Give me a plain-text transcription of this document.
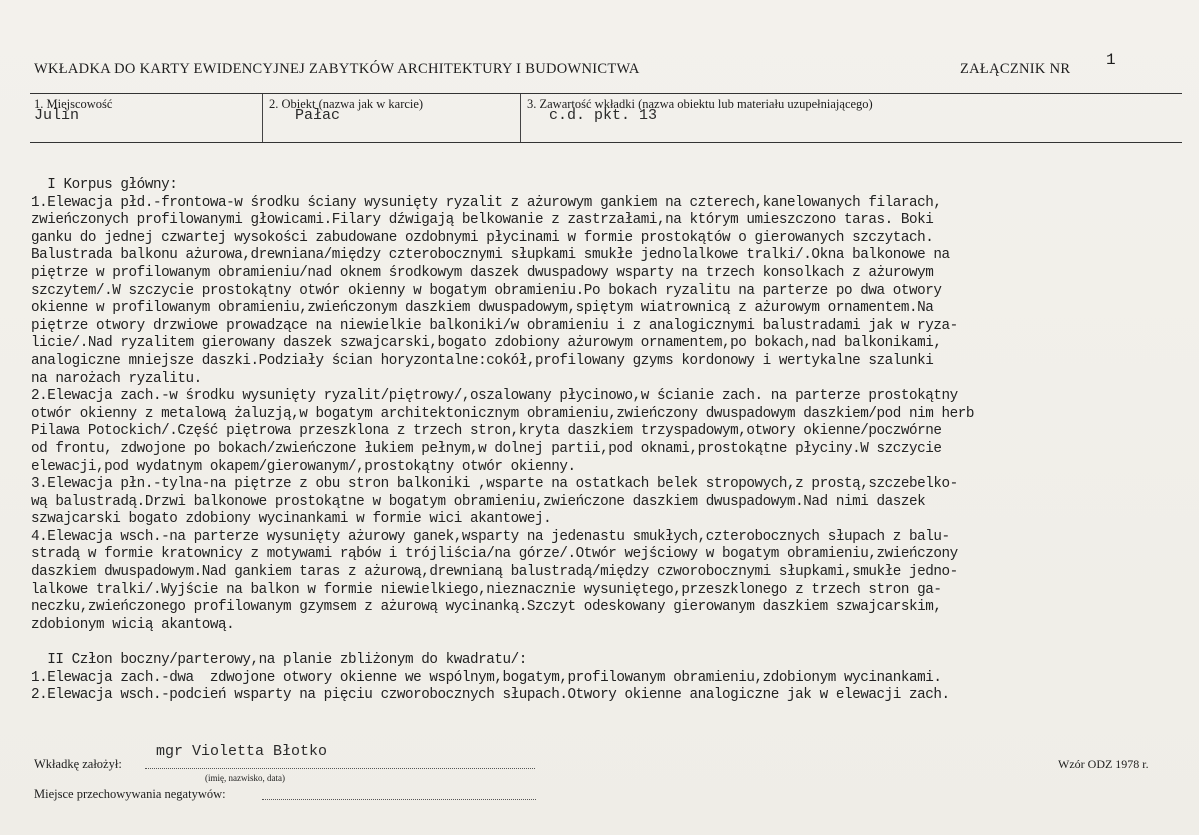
WKŁADKA DO KARTY EWIDENCYJNEJ ZABYTKÓW ARCHITEKTURY I BUDOWNICTWA	ZAŁĄCZNIK NR 1
1. Miejscowość
Julin
2. Obiekt (nazwa jak w karcie)
Pałac
3. Zawartość wkładki (nazwa obiektu lub materiału uzupełniającego)
c.d. pkt. 13
I Korpus główny:
1.Elewacja płd.-frontowa-w środku ściany wysunięty ryzalit z ażurowym gankiem na czterech,kanelowanych filarach,
zwieńczonych profilowanymi głowicami.Filary dźwigają belkowanie z zastrzałami,na którym umieszczono taras. Boki
ganku do jednej czwartej wysokości zabudowane ozdobnymi płycinami w formie prostokątów o gierowanych szczytach.
Balustrada balkonu ażurowa,drewniana/między czterobocznymi słupkami smukłe jednolalkowe tralki/.Okna balkonowe na
piętrze w profilowanym obramieniu/nad oknem środkowym daszek dwuspadowy wsparty na trzech konsolkach z ażurowym
szczytem/.W szczycie prostokątny otwór okienny w bogatym obramieniu.Po bokach ryzalitu na parterze po dwa otwory
okienne w profilowanym obramieniu,zwieńczonym daszkiem dwuspadowym,spiętym wiatrownicą z ażurowym ornamentem.Na
piętrze otwory drzwiowe prowadzące na niewielkie balkoniki/w obramieniu i z analogicznymi balustradami jak w ryza-
licie/.Nad ryzalitem gierowany daszek szwajcarski,bogato zdobiony ażurowym ornamentem,po bokach,nad balkonikami,
analogiczne mniejsze daszki.Podziały ścian horyzontalne:cokół,profilowany gzyms kordonowy i wertykalne szalunki
na narożach ryzalitu.
2.Elewacja zach.-w środku wysunięty ryzalit/piętrowy/,oszalowany płycinowo,w ścianie zach. na parterze prostokątny
otwór okienny z metalową żaluzją,w bogatym architektonicznym obramieniu,zwieńczony dwuspadowym daszkiem/pod nim herb
Pilawa Potockich/.Część piętrowa przeszklona z trzech stron,kryta daszkiem trzyspadowym,otwory okienne/poczwórne
od frontu, zdwojone po bokach/zwieńczone łukiem pełnym,w dolnej partii,pod oknami,prostokątne płyciny.W szczycie
elewacji,pod wydatnym okapem/gierowanym/,prostokątny otwór okienny.
3.Elewacja płn.-tylna-na piętrze z obu stron balkoniki ,wsparte na ostatkach belek stropowych,z prostą,szczebelko-
wą balustradą.Drzwi balkonowe prostokątne w bogatym obramieniu,zwieńczone daszkiem dwuspadowym.Nad nimi daszek
szwajcarski bogato zdobiony wycinankami w formie wici akantowej.
4.Elewacja wsch.-na parterze wysunięty ażurowy ganek,wsparty na jedenastu smukłych,czterobocznych słupach z balu-
stradą w formie kratownicy z motywami rąbów i trójliścia/na górze/.Otwór wejściowy w bogatym obramieniu,zwieńczony
daszkiem dwuspadowym.Nad gankiem taras z ażurową,drewnianą balustradą/między czworobocznymi słupkami,smukłe jedno-
lalkowe tralki/.Wyjście na balkon w formie niewielkiego,nieznacznie wysuniętego,przeszklonego z trzech stron ga-
neczku,zwieńczonego profilowanym gzymsem z ażurową wycinanką.Szczyt odeskowany gierowanym daszkiem szwajcarskim,
zdobionym wicią akantową.

II Człon boczny/parterowy,na planie zbliżonym do kwadratu/:
1.Elewacja zach.-dwa  zdwojone otwory okienne we wspólnym,bogatym,profilowanym obramieniu,zdobionym wycinankami.
2.Elewacja wsch.-podcień wsparty na pięciu czworobocznych słupach.Otwory okienne analogiczne jak w elewacji zach.
Wkładkę założył:
mgr Violetta Błotko
(imię, nazwisko, data)
Miejsce przechowywania negatywów:
Wzór ODZ 1978 r.
